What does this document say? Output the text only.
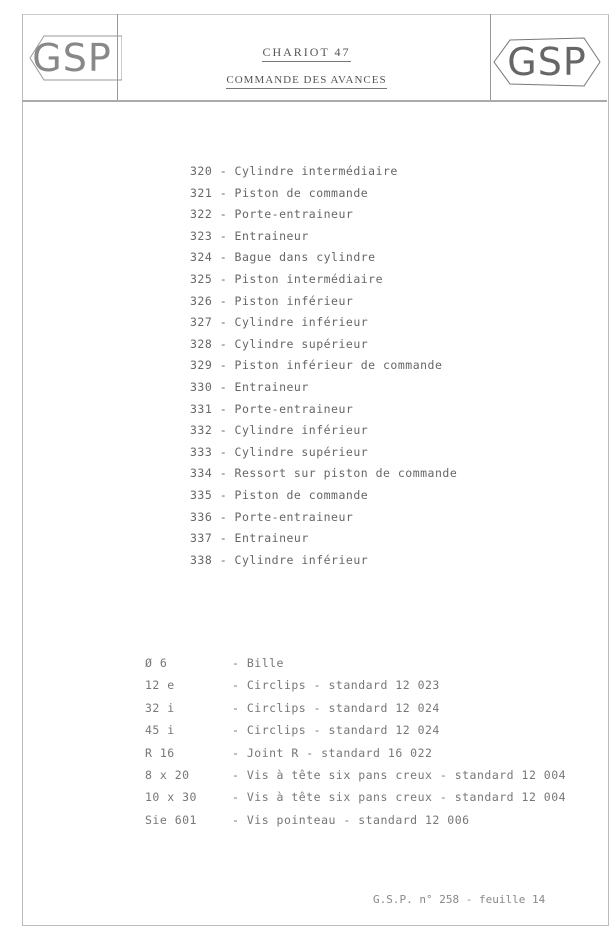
GSP	GSP
CHARIOT 47
COMMANDE DES AVANCES
320 - Cylindre intermédiaire
321 - Piston de commande
322 - Porte-entraineur
323 - Entraineur
324 - Bague dans cylindre
325 - Piston intermédiaire
326 - Piston inférieur
327 - Cylindre inférieur
328 - Cylindre supérieur
329 - Piston inférieur de commande
330 - Entraineur
331 - Porte-entraineur
332 - Cylindre inférieur
333 - Cylindre supérieur
334 - Ressort sur piston de commande
335 - Piston de commande
336 - Porte-entraineur
337 - Entraineur
338 - Cylindre inférieur
Ø 6	- Bille
12 e	- Circlips - standard 12 023
32 i	- Circlips - standard 12 024
45 i	- Circlips - standard 12 024
R 16	- Joint R - standard 16 022
8 x 20	- Vis à tête six pans creux - standard 12 004
10 x 30	- Vis à tête six pans creux - standard 12 004
Sie 601	- Vis pointeau - standard 12 006
G.S.P. n° 258 - feuille 14
